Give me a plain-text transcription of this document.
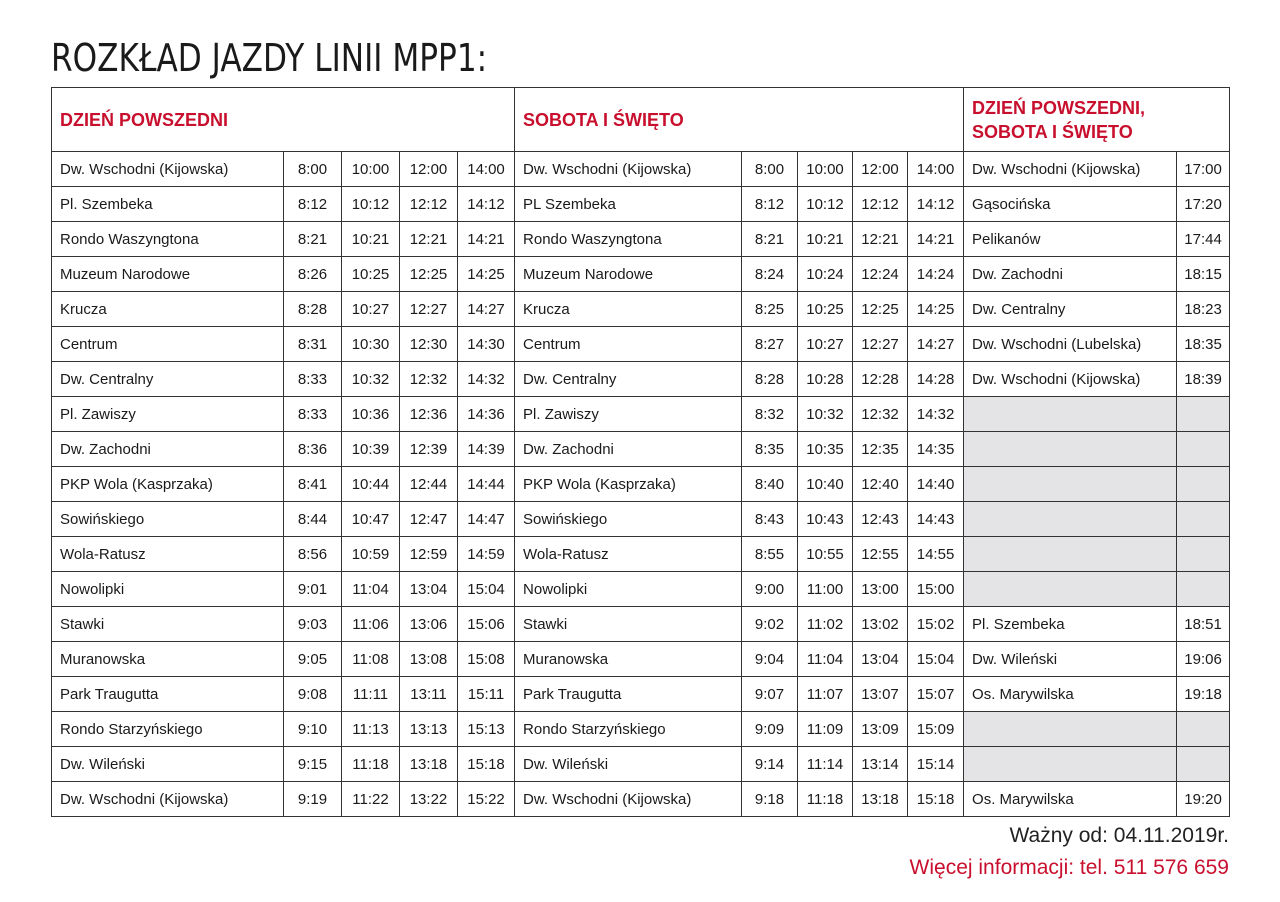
ROZKŁAD JAZDY LINII MPP1:
DZIEŃ POWSZEDNI					SOBOTA I ŚWIĘTO					DZIEŃ POWSZEDNI, SOBOTA I ŚWIĘTO	
Dw. Wschodni (Kijowska)	8:00	10:00	12:00	14:00	Dw. Wschodni (Kijowska)	8:00	10:00	12:00	14:00	Dw. Wschodni (Kijowska)	17:00
Pl. Szembeka	8:12	10:12	12:12	14:12	PL Szembeka	8:12	10:12	12:12	14:12	Gąsocińska	17:20
Rondo Waszyngtona	8:21	10:21	12:21	14:21	Rondo Waszyngtona	8:21	10:21	12:21	14:21	Pelikanów	17:44
Muzeum Narodowe	8:26	10:25	12:25	14:25	Muzeum Narodowe	8:24	10:24	12:24	14:24	Dw. Zachodni	18:15
Krucza	8:28	10:27	12:27	14:27	Krucza	8:25	10:25	12:25	14:25	Dw. Centralny	18:23
Centrum	8:31	10:30	12:30	14:30	Centrum	8:27	10:27	12:27	14:27	Dw. Wschodni (Lubelska)	18:35
Dw. Centralny	8:33	10:32	12:32	14:32	Dw. Centralny	8:28	10:28	12:28	14:28	Dw. Wschodni (Kijowska)	18:39
Pl. Zawiszy	8:33	10:36	12:36	14:36	Pl. Zawiszy	8:32	10:32	12:32	14:32		
Dw. Zachodni	8:36	10:39	12:39	14:39	Dw. Zachodni	8:35	10:35	12:35	14:35		
PKP Wola (Kasprzaka)	8:41	10:44	12:44	14:44	PKP Wola (Kasprzaka)	8:40	10:40	12:40	14:40		
Sowińskiego	8:44	10:47	12:47	14:47	Sowińskiego	8:43	10:43	12:43	14:43		
Wola-Ratusz	8:56	10:59	12:59	14:59	Wola-Ratusz	8:55	10:55	12:55	14:55		
Nowolipki	9:01	11:04	13:04	15:04	Nowolipki	9:00	11:00	13:00	15:00		
Stawki	9:03	11:06	13:06	15:06	Stawki	9:02	11:02	13:02	15:02	Pl. Szembeka	18:51
Muranowska	9:05	11:08	13:08	15:08	Muranowska	9:04	11:04	13:04	15:04	Dw. Wileński	19:06
Park Traugutta	9:08	11:11	13:11	15:11	Park Traugutta	9:07	11:07	13:07	15:07	Os. Marywilska	19:18
Rondo Starzyńskiego	9:10	11:13	13:13	15:13	Rondo Starzyńskiego	9:09	11:09	13:09	15:09		
Dw. Wileński	9:15	11:18	13:18	15:18	Dw. Wileński	9:14	11:14	13:14	15:14		
Dw. Wschodni (Kijowska)	9:19	11:22	13:22	15:22	Dw. Wschodni (Kijowska)	9:18	11:18	13:18	15:18	Os. Marywilska	19:20

Ważny od: 04.11.2019r.

Więcej informacji: tel. 511 576 659
